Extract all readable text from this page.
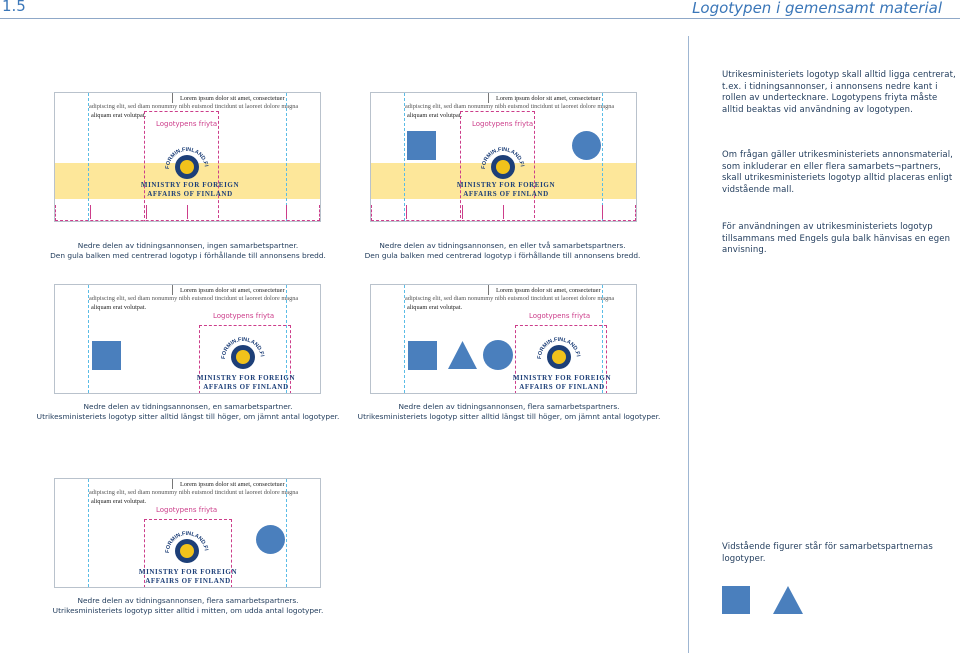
1.5	Logotypen i gemensamt material
Lorem ipsum dolor sit amet, consectetuer
adipiscing elit, sed diam nonummy nibh euismod tincidunt ut laoreet dolore magna
aliquam erat volutpat.
Logotypens friyta
FORMIN.FINLAND.FI
MINISTRY FOR FOREIGN
AFFAIRS OF FINLAND
Nedre delen av tidningsannonsen, ingen samarbetspartner.
Den gula balken med centrerad logotyp i förhållande till annonsens bredd.
Lorem ipsum dolor sit amet, consectetuer
adipiscing elit, sed diam nonummy nibh euismod tincidunt ut laoreet dolore magna
aliquam erat volutpat.
Logotypens friyta
FORMIN.FINLAND.FI
MINISTRY FOR FOREIGN
AFFAIRS OF FINLAND
Nedre delen av tidningsannonsen, en eller två samarbetspartners.
Den gula balken med centrerad logotyp i förhållande till annonsens bredd.
Lorem ipsum dolor sit amet, consectetuer
adipiscing elit, sed diam nonummy nibh euismod tincidunt ut laoreet dolore magna
aliquam erat volutpat.
Logotypens friyta
FORMIN.FINLAND.FI
MINISTRY FOR FOREIGN
AFFAIRS OF FINLAND
Nedre delen av tidningsannonsen, en samarbetspartner.
Utrikesministeriets logotyp sitter alltid längst till höger, om jämnt antal logotyper.
Lorem ipsum dolor sit amet, consectetuer
adipiscing elit, sed diam nonummy nibh euismod tincidunt ut laoreet dolore magna
aliquam erat volutpat.
Logotypens friyta
FORMIN.FINLAND.FI
MINISTRY FOR FOREIGN
AFFAIRS OF FINLAND
Nedre delen av tidningsannonsen, flera samarbetspartners.
Utrikesministeriets logotyp sitter alltid längst till höger, om jämnt antal logotyper.
Lorem ipsum dolor sit amet, consectetuer
adipiscing elit, sed diam nonummy nibh euismod tincidunt ut laoreet dolore magna
aliquam erat volutpat.
Logotypens friyta
FORMIN.FINLAND.FI
MINISTRY FOR FOREIGN
AFFAIRS OF FINLAND
Nedre delen av tidningsannonsen, flera samarbetspartners.
Utrikesministeriets logotyp sitter alltid i mitten, om udda antal logotyper.
Utrikesministeriets logotyp skall alltid ligga centrerat, t.ex. i tidningsannonser, i annonsens nedre kant i rollen av undertecknare. Logotypens friyta måste alltid beaktas vid användning av logotypen.
Om frågan gäller utrikesministeriets annonsmaterial, som inkluderar en eller flera samarbets¬partners, skall utrikesministeriets logotyp alltid placeras enligt vidstående mall.
För användningen av utrikesministeriets logotyp tillsammans med Engels gula balk hänvisas en egen anvisning.
Vidstående figurer står för samarbetspartnernas logotyper.
